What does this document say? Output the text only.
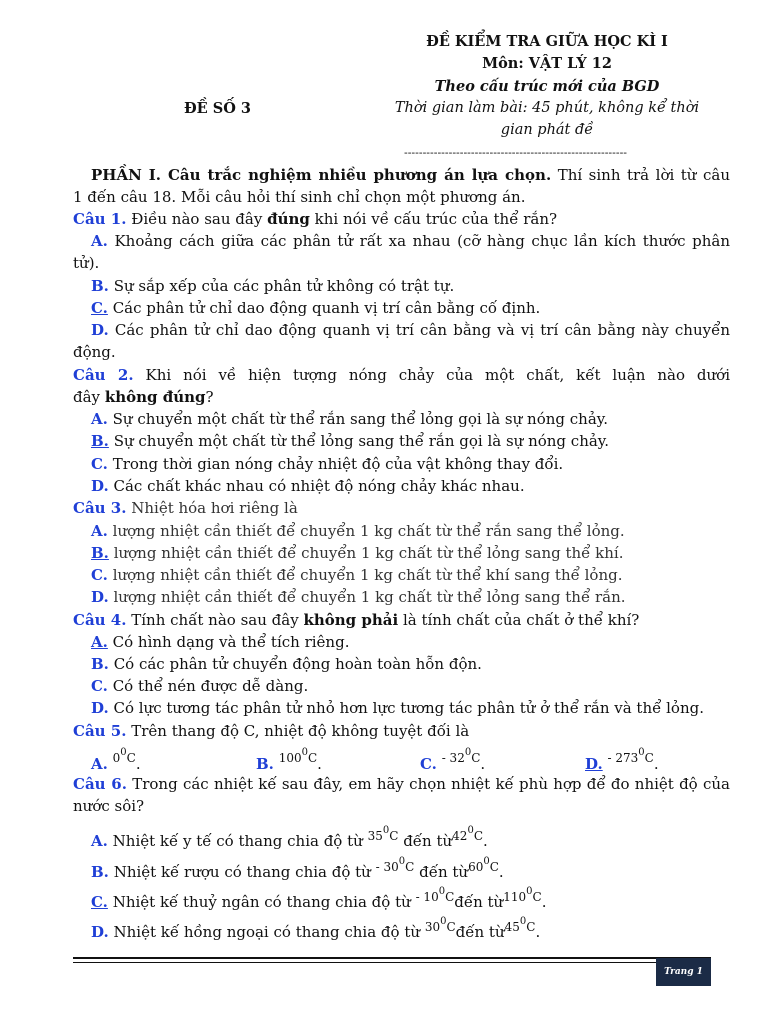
ĐỀ KIỂM TRA GIỮA HỌC KÌ I
Môn: VẬT LÝ 12
Theo cấu trúc mới của BGD
ĐỀ SỐ 3	Thời gian làm bài: 45 phút, không kể thời
gian phát đề
------------------------------------------------------------
PHẦN I. Câu trắc nghiệm nhiều phương án lựa chọn. Thí sinh trả lời từ câu
1 đến câu 18. Mỗi câu hỏi thí sinh chỉ chọn một phương án.
Câu 1. Điều nào sau đây đúng khi nói về cấu trúc của thể rắn?
A. Khoảng cách giữa các phân tử rất xa nhau (cỡ hàng chục lần kích thước phân
tử).
B. Sự sắp xếp của các phân tử không có trật tự.
C. Các phân tử chỉ dao động quanh vị trí cân bằng cố định.
D. Các phân tử chỉ dao động quanh vị trí cân bằng và vị trí cân bằng này chuyển
động.
Câu 2. Khi nói về hiện tượng nóng chảy của một chất, kết luận nào dưới
đây không đúng?
A. Sự chuyển một chất từ thể rắn sang thể lỏng gọi là sự nóng chảy.
B. Sự chuyển một chất từ thể lỏng sang thể rắn gọi là sự nóng chảy.
C. Trong thời gian nóng chảy nhiệt độ của vật không thay đổi.
D. Các chất khác nhau có nhiệt độ nóng chảy khác nhau.
Câu 3. Nhiệt hóa hơi riêng là
A. lượng nhiệt cần thiết để chuyển 1 kg chất từ thể rắn sang thể lỏng.
B. lượng nhiệt cần thiết để chuyển 1 kg chất từ thể lỏng sang thể khí.
C. lượng nhiệt cần thiết để chuyển 1 kg chất từ thể khí sang thể lỏng.
D. lượng nhiệt cần thiết để chuyển 1 kg chất từ thể lỏng sang thể rắn.
Câu 4. Tính chất nào sau đây không phải là tính chất của chất ở thể khí?
A. Có hình dạng và thể tích riêng.
B. Có các phân tử chuyển động hoàn toàn hỗn độn.
C. Có thể nén được dễ dàng.
D. Có lực tương tác phân tử nhỏ hơn lực tương tác phân tử ở thể rắn và thể lỏng.
Câu 5. Trên thang độ C, nhiệt độ không tuyệt đối là
A. $^{0^0C}$.	B. $^{100^0C}$.	C. $^{- 32^0C}$.	D. $^{- 273^0C}$.
Câu 6. Trong các nhiệt kế sau đây, em hãy chọn nhiệt kế phù hợp để đo nhiệt độ của
nước sôi?
A. Nhiệt kế y tế có thang chia độ từ $^{35^0C}$ đến từ$^{42^0C}$.
B. Nhiệt kế rượu có thang chia độ từ $^{- 30^0C}$ đến từ$^{60^0C}$.
C. Nhiệt kế thuỷ ngân có thang chia độ từ $^{- 10^0C}$đến từ$^{110^0C}$.
D. Nhiệt kế hồng ngoại có thang chia độ từ $^{30^0C}$đến từ$^{45^0C}$.
Trang 1
